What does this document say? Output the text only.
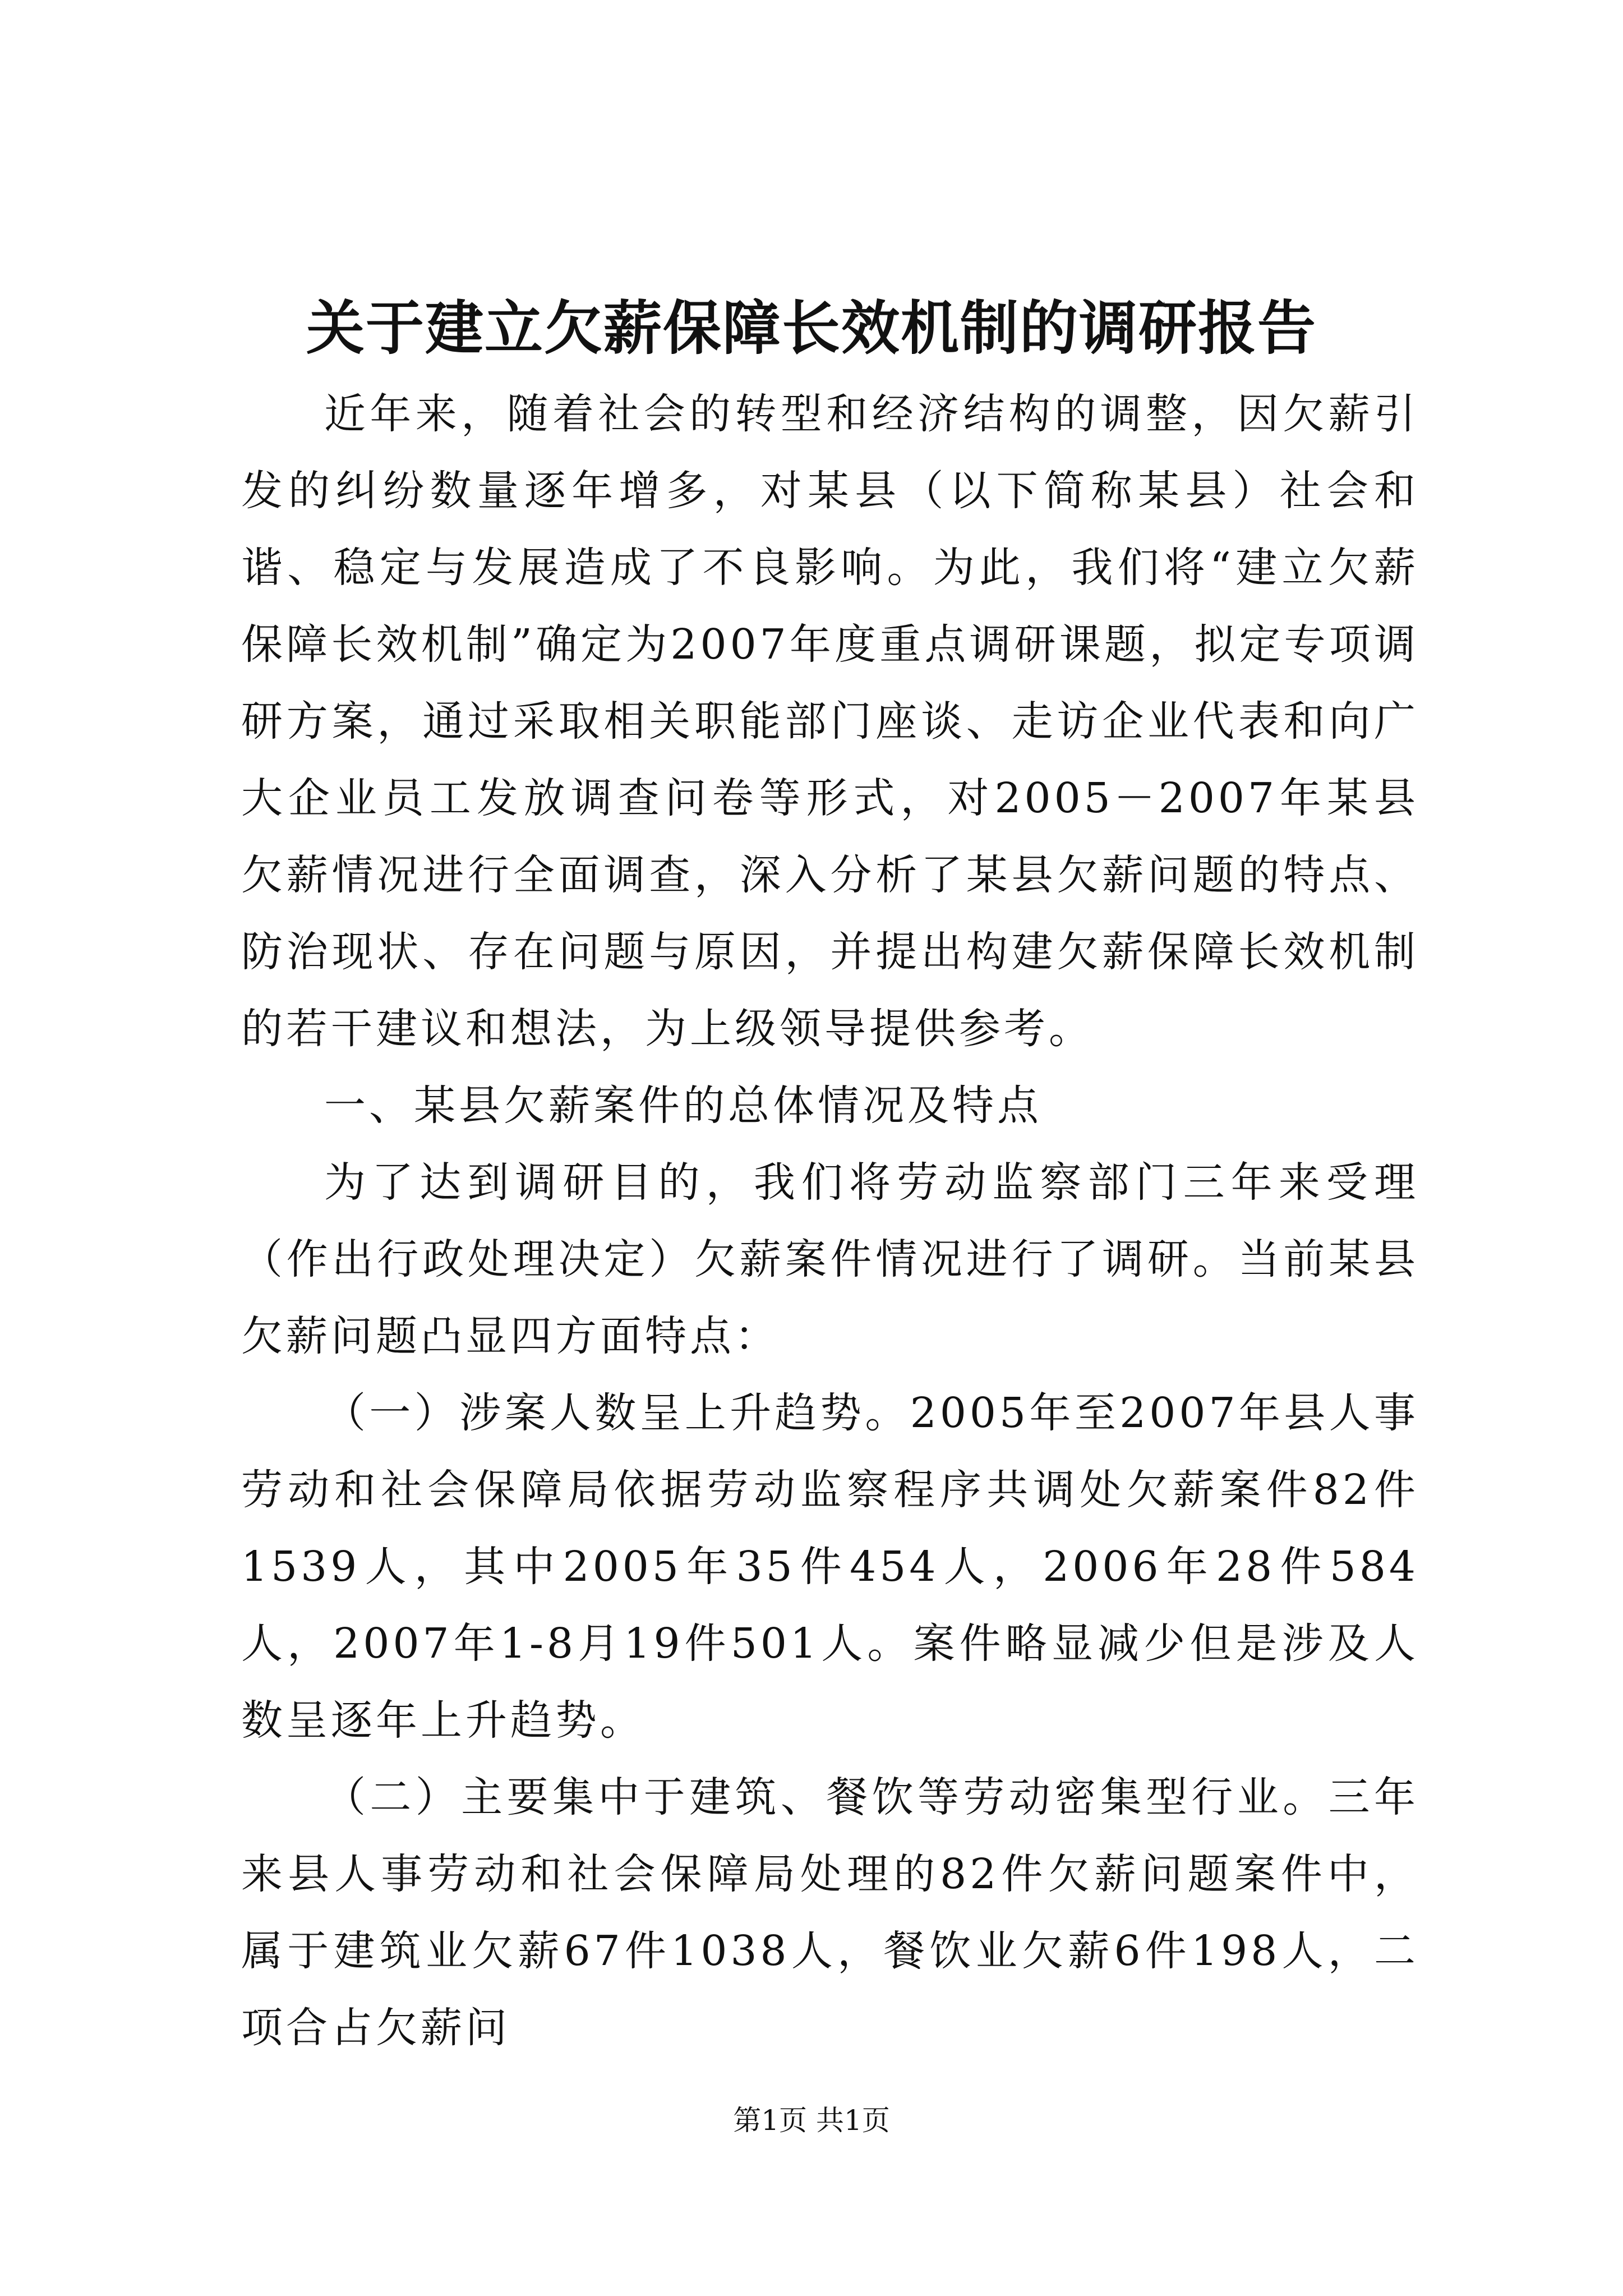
关于建立欠薪保障长效机制的调研报告

近年来，随着社会的转型和经济结构的调整，因欠薪引发的纠纷数量逐年增多，对某县（以下简称某县）社会和谐、稳定与发展造成了不良影响。为此，我们将“建立欠薪保障长效机制”确定为2007年度重点调研课题，拟定专项调研方案，通过采取相关职能部门座谈、走访企业代表和向广大企业员工发放调查问卷等形式，对2005－2007年某县欠薪情况进行全面调查，深入分析了某县欠薪问题的特点、防治现状、存在问题与原因，并提出构建欠薪保障长效机制的若干建议和想法，为上级领导提供参考。

一、某县欠薪案件的总体情况及特点

为了达到调研目的，我们将劳动监察部门三年来受理（作出行政处理决定）欠薪案件情况进行了调研。当前某县欠薪问题凸显四方面特点：

（一）涉案人数呈上升趋势。2005年至2007年县人事劳动和社会保障局依据劳动监察程序共调处欠薪案件82件1539人，其中2005年35件454人，2006年28件584人，2007年1-8月19件501人。案件略显减少但是涉及人数呈逐年上升趋势。

（二）主要集中于建筑、餐饮等劳动密集型行业。三年来县人事劳动和社会保障局处理的82件欠薪问题案件中，属于建筑业欠薪67件1038人，餐饮业欠薪6件198人，二项合占欠薪问

第1页 共1页
